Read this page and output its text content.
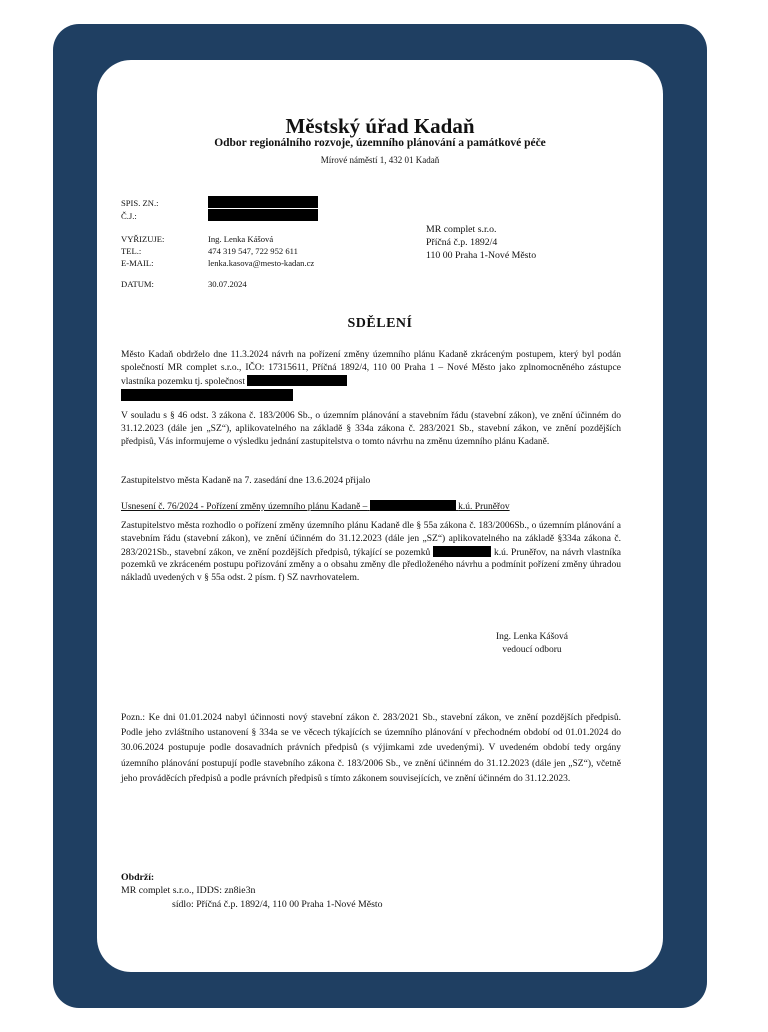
Městský úřad Kadaň
Odbor regionálního rozvoje, územního plánování a památkové péče
Mírové náměstí 1, 432 01 Kadaň
SPIS. ZN.:
Č.J.:
VYŘIZUJE:	Ing. Lenka Kášová
TEL.:	474 319 547, 722 952 611
E-MAIL:	lenka.kasova@mesto-kadan.cz
DATUM:	30.07.2024
MR complet s.r.o.
Příčná č.p. 1892/4
110 00 Praha 1-Nové Město
SDĚLENÍ
Město Kadaň obdrželo dne 11.3.2024 návrh na pořízení změny územního plánu Kadaně zkráceným postupem, který byl podán společností MR complet s.r.o., IČO: 17315611, Příčná 1892/4, 110 00 Praha 1 – Nové Město jako zplnomocněného zástupce vlastníka pozemku tj. společnost
V souladu s § 46 odst. 3 zákona č. 183/2006 Sb., o územním plánování a stavebním řádu (stavební zákon), ve znění účinném do 31.12.2023 (dále jen „SZ“), aplikovatelného na základě § 334a zákona č. 283/2021 Sb., stavební zákon, ve znění pozdějších předpisů, Vás informujeme o výsledku jednání zastupitelstva o tomto návrhu na změnu územního plánu Kadaně.
Zastupitelstvo města Kadaně na 7. zasedání dne 13.6.2024 přijalo
Usnesení č. 76/2024 - Pořízení změny územního plánu Kadaně –	k.ú. Pruněřov
Zastupitelstvo města rozhodlo o pořízení změny územního plánu Kadaně dle § 55a zákona č. 183/2006Sb., o územním plánování a stavebním řádu (stavební zákon), ve znění účinném do 31.12.2023 (dále jen „SZ“) aplikovatelného na základě §334a zákona č. 283/2021Sb., stavební zákon, ve znění pozdějších předpisů, týkající se pozemků	k.ú. Pruněřov, na návrh vlastníka pozemků ve zkráceném postupu pořizování změny a o obsahu změny dle předloženého návrhu a podmínit pořízení změny úhradou nákladů uvedených v § 55a odst. 2 písm. f) SZ navrhovatelem.
Ing. Lenka Kášová
vedoucí odboru
Pozn.: Ke dni 01.01.2024 nabyl účinnosti nový stavební zákon č. 283/2021 Sb., stavební zákon, ve znění pozdějších předpisů. Podle jeho zvláštního ustanovení § 334a se ve věcech týkajících se územního plánování v přechodném období od 01.01.2024 do 30.06.2024 postupuje podle dosavadních právních předpisů (s výjimkami zde uvedenými). V uvedeném období tedy orgány územního plánování postupují podle stavebního zákona č. 183/2006 Sb., ve znění účinném do 31.12.2023 (dále jen „SZ“), včetně jeho prováděcích předpisů a podle právních předpisů s tímto zákonem souvisejících, ve znění účinném do 31.12.2023.
Obdrží:
MR complet s.r.o., IDDS: zn8ie3n
sídlo: Příčná č.p. 1892/4, 110 00 Praha 1-Nové Město
